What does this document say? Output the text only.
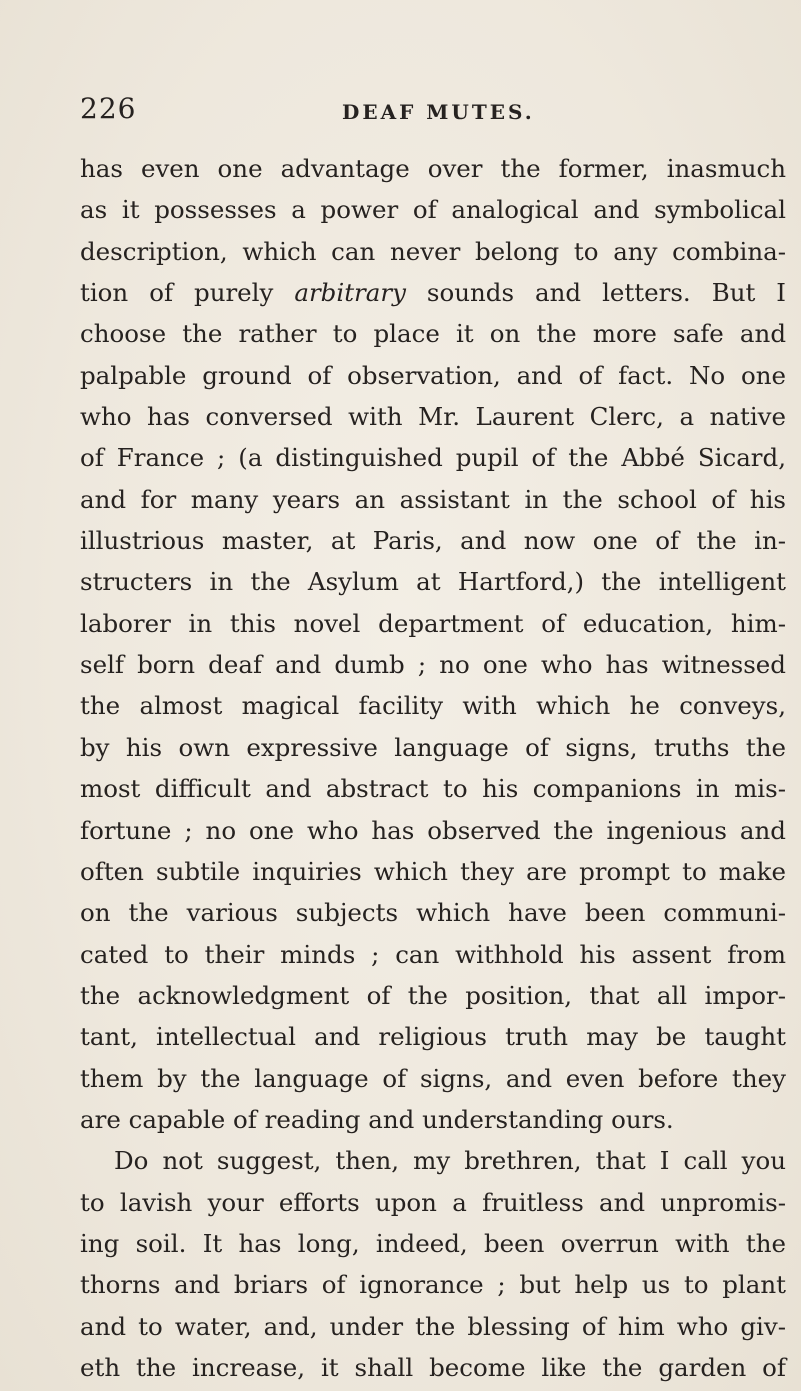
226	DEAF MUTES.
has even one advantage over the former, inasmuch
as it possesses a power of analogical and symbolical
description, which can never belong to any combina-
tion of purely arbitrary sounds and letters. But I
choose the rather to place it on the more safe and
palpable ground of observation, and of fact. No one
who has conversed with Mr. Laurent Clerc, a native
of France ; (a distinguished pupil of the Abbé Sicard,
and for many years an assistant in the school of his
illustrious master, at Paris, and now one of the in-
structers in the Asylum at Hartford,) the intelligent
laborer in this novel department of education, him-
self born deaf and dumb ; no one who has witnessed
the almost magical facility with which he conveys,
by his own expressive language of signs, truths the
most difficult and abstract to his companions in mis-
fortune ; no one who has observed the ingenious and
often subtile inquiries which they are prompt to make
on the various subjects which have been communi-
cated to their minds ; can withhold his assent from
the acknowledgment of the position, that all impor-
tant, intellectual and religious truth may be taught
them by the language of signs, and even before they
are capable of reading and understanding ours.
Do not suggest, then, my brethren, that I call you
to lavish your efforts upon a fruitless and unpromis-
ing soil. It has long, indeed, been overrun with the
thorns and briars of ignorance ; but help us to plant
and to water, and, under the blessing of him who giv-
eth the increase, it shall become like the garden of
